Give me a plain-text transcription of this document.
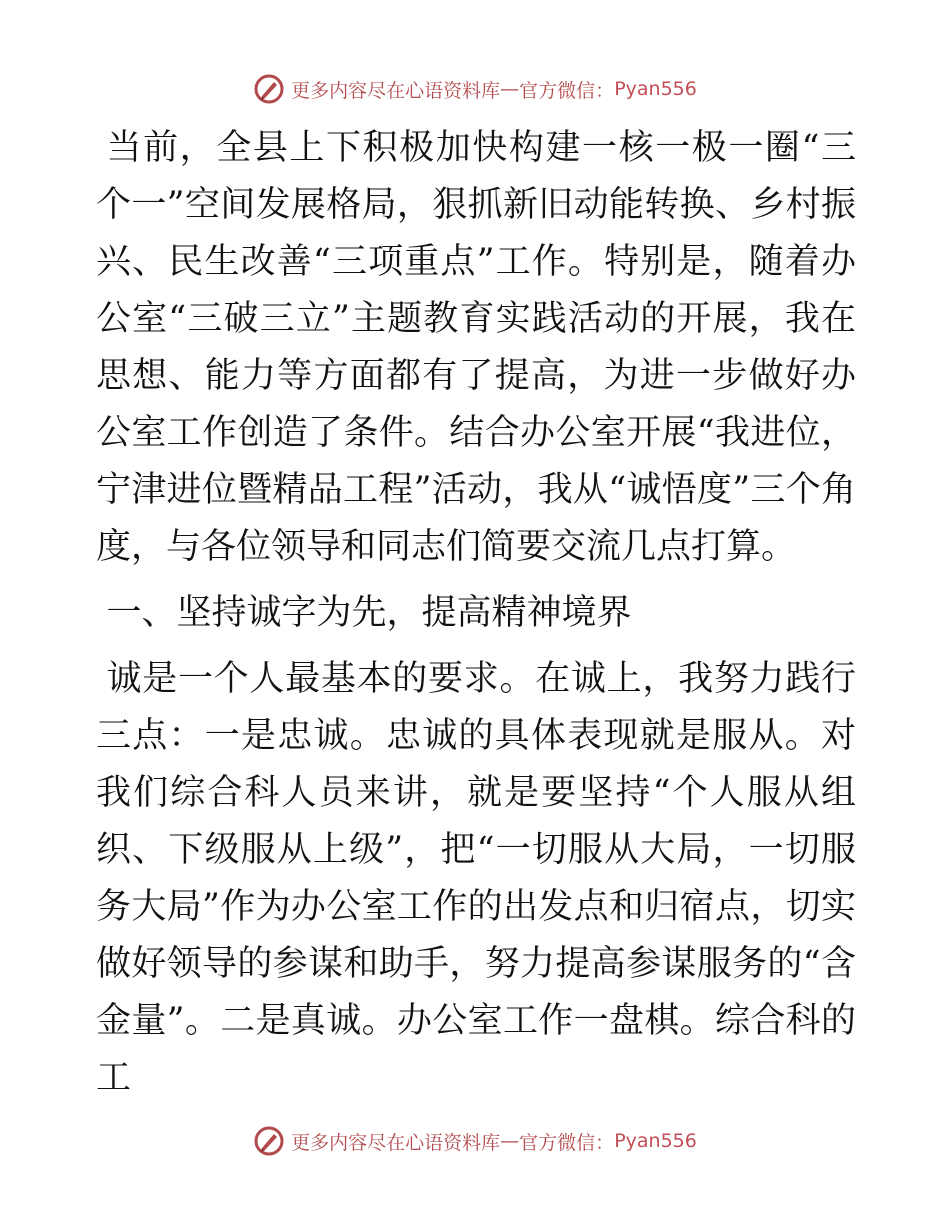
更多内容尽在心语资料库 — 官方微信： Pyan556

当前，全县上下积极加快构建一核一极一圈“三个一”空间发展格局，狠抓新旧动能转换、乡村振兴、民生改善“三项重点”工作。特别是，随着办公室“三破三立”主题教育实践活动的开展，我在思想、能力等方面都有了提高，为进一步做好办公室工作创造了条件。结合办公室开展“我进位，宁津进位暨精品工程”活动，我从“诚悟度”三个角度，与各位领导和同志们简要交流几点打算。

一、坚持诚字为先，提高精神境界

诚是一个人最基本的要求。在诚上，我努力践行三点：一是忠诚。忠诚的具体表现就是服从。对我们综合科人员来讲，就是要坚持“个人服从组织、下级服从上级”，把“一切服从大局，一切服务大局”作为办公室工作的出发点和归宿点，切实做好领导的参谋和助手，努力提高参谋服务的“含金量”。二是真诚。办公室工作一盘棋。综合科的工

更多内容尽在心语资料库 — 官方微信： Pyan556
